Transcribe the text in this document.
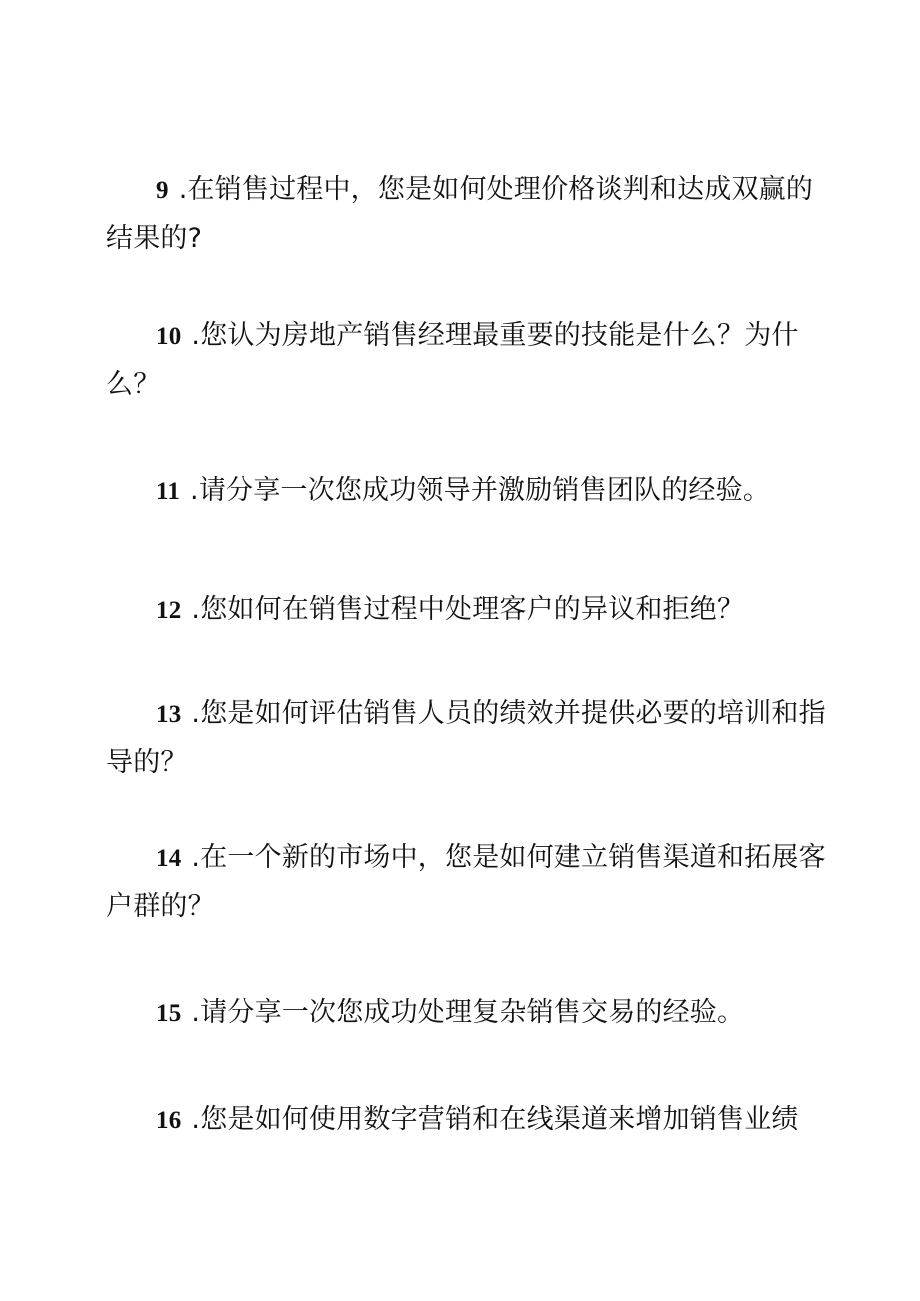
9 .在销售过程中，您是如何处理价格谈判和达成双赢的结果的?
10 .您认为房地产销售经理最重要的技能是什么？为什么？
11 .请分享一次您成功领导并激励销售团队的经验。
12 .您如何在销售过程中处理客户的异议和拒绝？
13 .您是如何评估销售人员的绩效并提供必要的培训和指导的？
14 .在一个新的市场中，您是如何建立销售渠道和拓展客户群的？
15 .请分享一次您成功处理复杂销售交易的经验。
16 .您是如何使用数字营销和在线渠道来增加销售业绩
